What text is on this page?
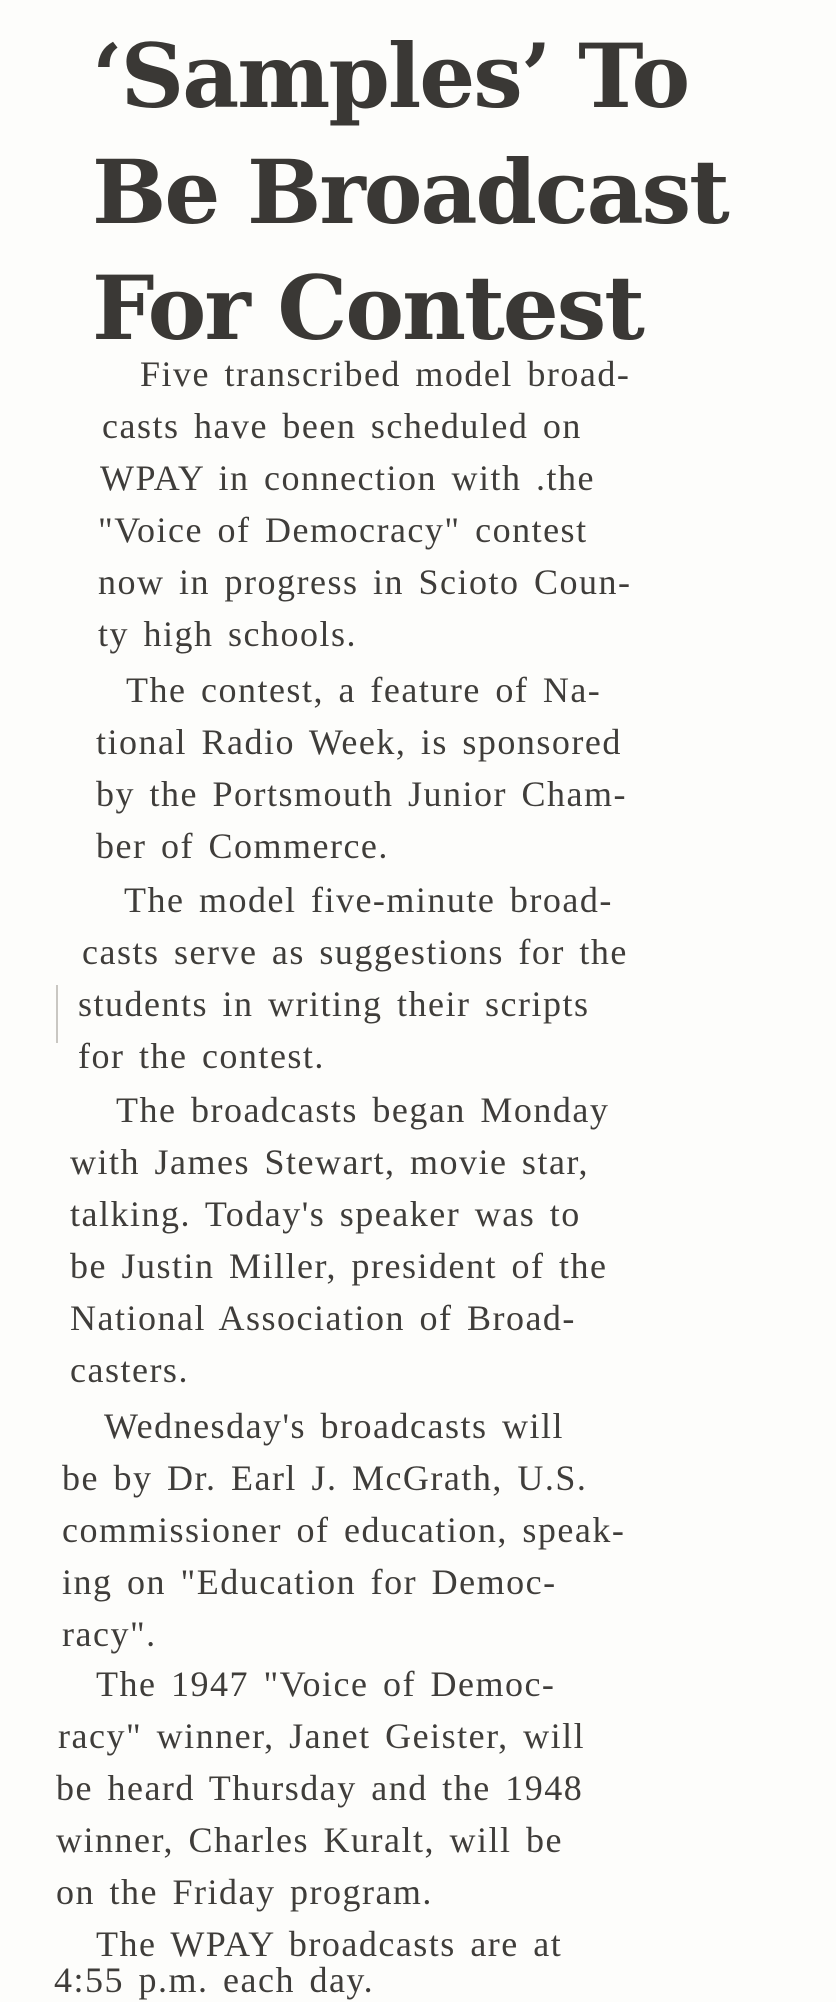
‘Samples’ To
Be Broadcast
For Contest
Five transcribed model broad-
casts have been scheduled on
WPAY in connection with .the
"Voice of Democracy" contest
now in progress in Scioto Coun-
ty high schools.
The contest, a feature of Na-
tional Radio Week, is sponsored
by the Portsmouth Junior Cham-
ber of Commerce.
The model five-minute broad-
casts serve as suggestions for the
students in writing their scripts
for the contest.
The broadcasts began Monday
with James Stewart, movie star,
talking. Today's speaker was to
be Justin Miller, president of the
National Association of Broad-
casters.
Wednesday's broadcasts will
be by Dr. Earl J. McGrath, U.S.
commissioner of education, speak-
ing on "Education for Democ-
racy".
The 1947 "Voice of Democ-
racy" winner, Janet Geister, will
be heard Thursday and the 1948
winner, Charles Kuralt, will be
on the Friday program.
The WPAY broadcasts are at
4:55 p.m. each day.
